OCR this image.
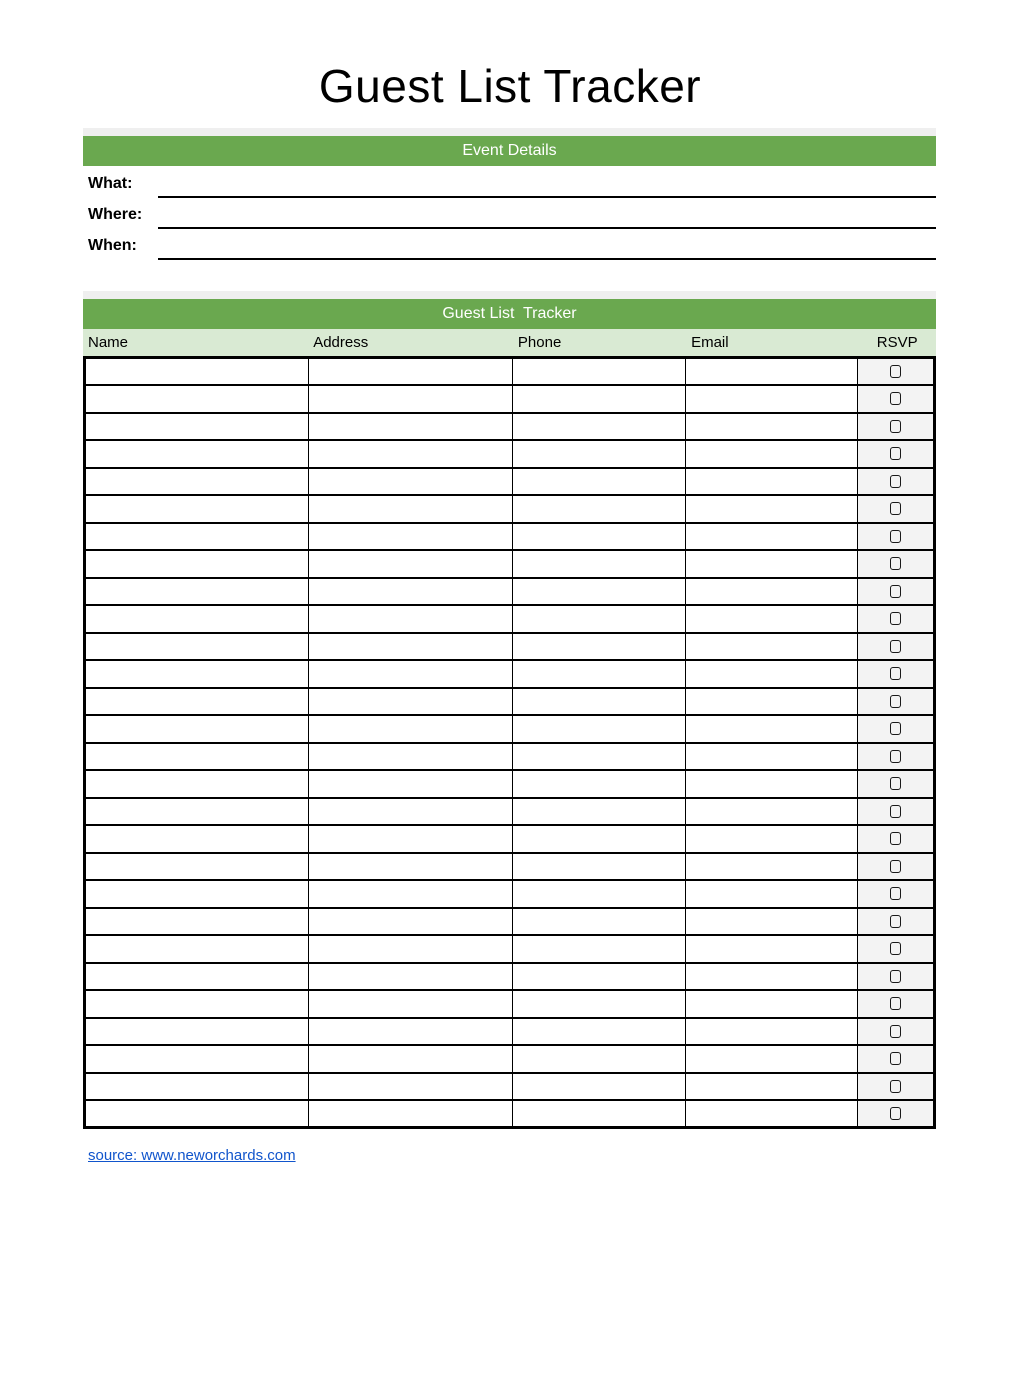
Guest List Tracker
Event Details
What:
Where:
When:
Guest List  Tracker
Name	Address	Phone	Email	RSVP

source: www.neworchards.com
